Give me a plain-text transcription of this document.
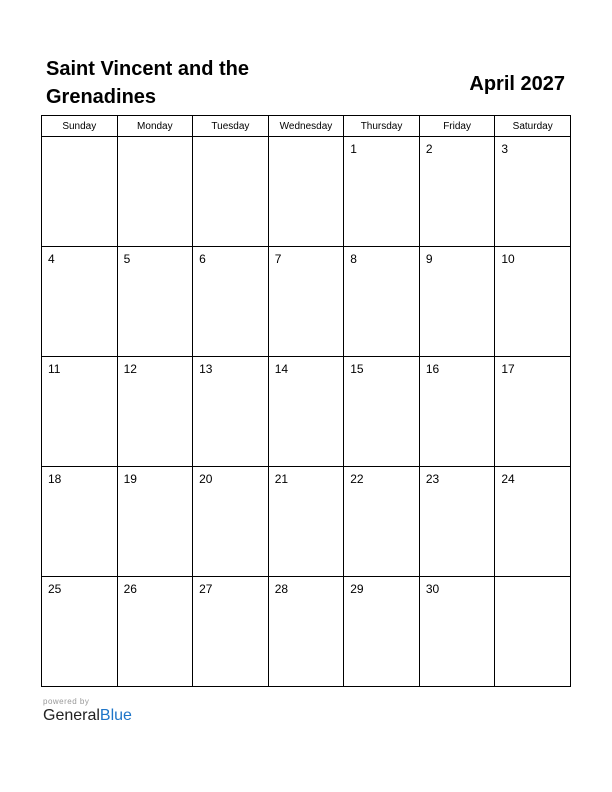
Saint Vincent and the Grenadines
April 2027
Sunday	Monday	Tuesday	Wednesday	Thursday	Friday	Saturday
				1	2	3
4	5	6	7	8	9	10
11	12	13	14	15	16	17
18	19	20	21	22	23	24
25	26	27	28	29	30	
powered by
GeneralBlue
